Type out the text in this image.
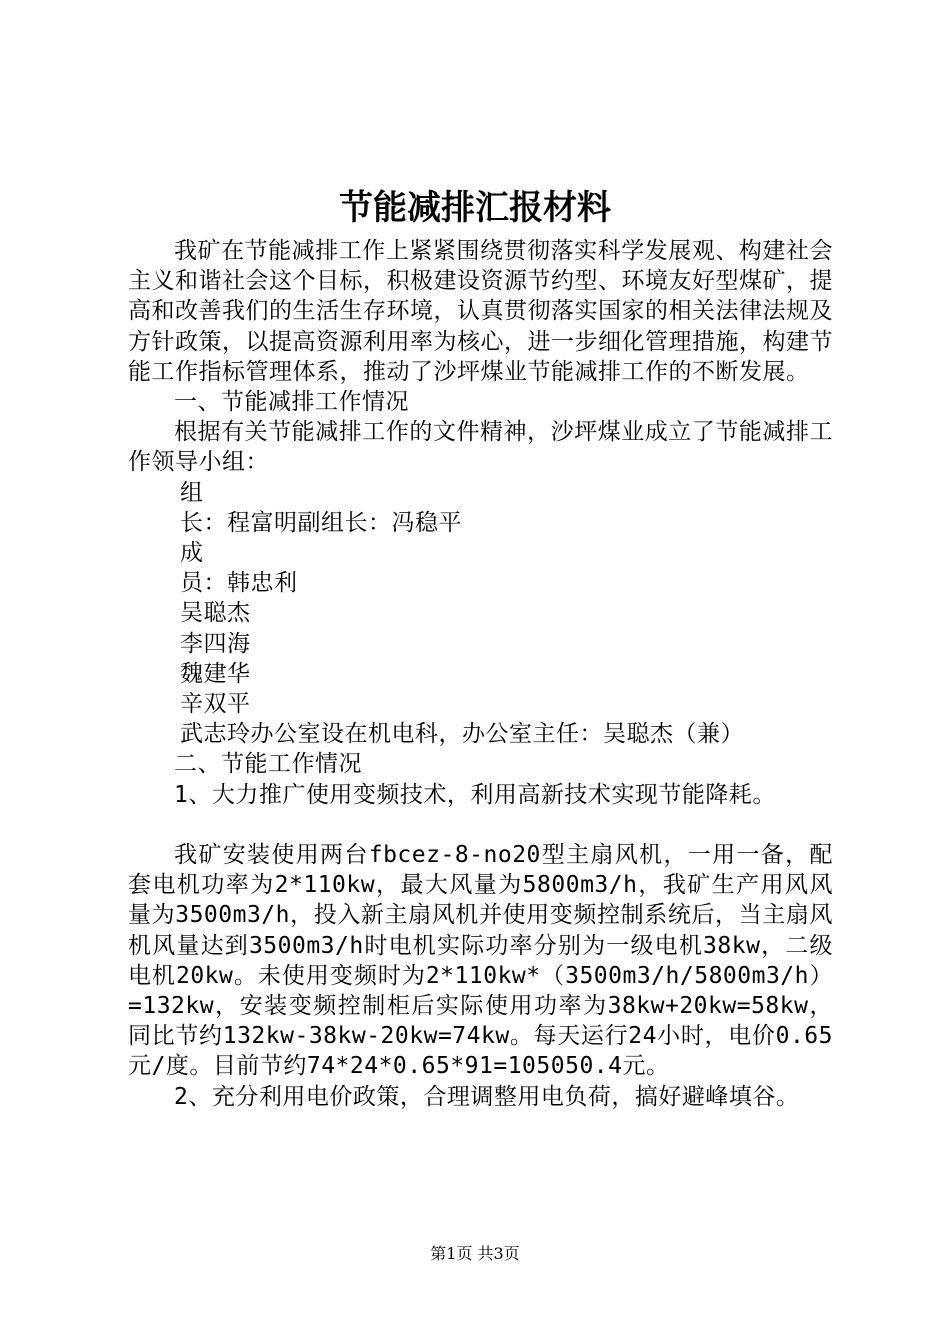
节能减排汇报材料

我矿在节能减排工作上紧紧围绕贯彻落实科学发展观、构建社会主义和谐社会这个目标，积极建设资源节约型、环境友好型煤矿，提高和改善我们的生活生存环境，认真贯彻落实国家的相关法律法规及方针政策，以提高资源利用率为核心，进一步细化管理措施，构建节能工作指标管理体系，推动了沙坪煤业节能减排工作的不断发展。

一、节能减排工作情况

根据有关节能减排工作的文件精神，沙坪煤业成立了节能减排工作领导小组：

组

长：程富明副组长：冯稳平

成

员：韩忠利

吴聪杰

李四海

魏建华

辛双平

武志玲办公室设在机电科，办公室主任：吴聪杰（兼）

二、节能工作情况

1、大力推广使用变频技术，利用高新技术实现节能降耗。

我矿安装使用两台fbcez-8-no20型主扇风机，一用一备，配套电机功率为2*110kw，最大风量为5800m3/h，我矿生产用风风量为3500m3/h，投入新主扇风机并使用变频控制系统后，当主扇风机风量达到3500m3/h时电机实际功率分别为一级电机38kw，二级电机20kw。未使用变频时为2*110kw*（3500m3/h/5800m3/h）=132kw，安装变频控制柜后实际使用功率为38kw+20kw=58kw，同比节约132kw-38kw-20kw=74kw。每天运行24小时，电价0.65元/度。目前节约74*24*0.65*91=105050.4元。

2、充分利用电价政策，合理调整用电负荷，搞好避峰填谷。

第1页 共3页
